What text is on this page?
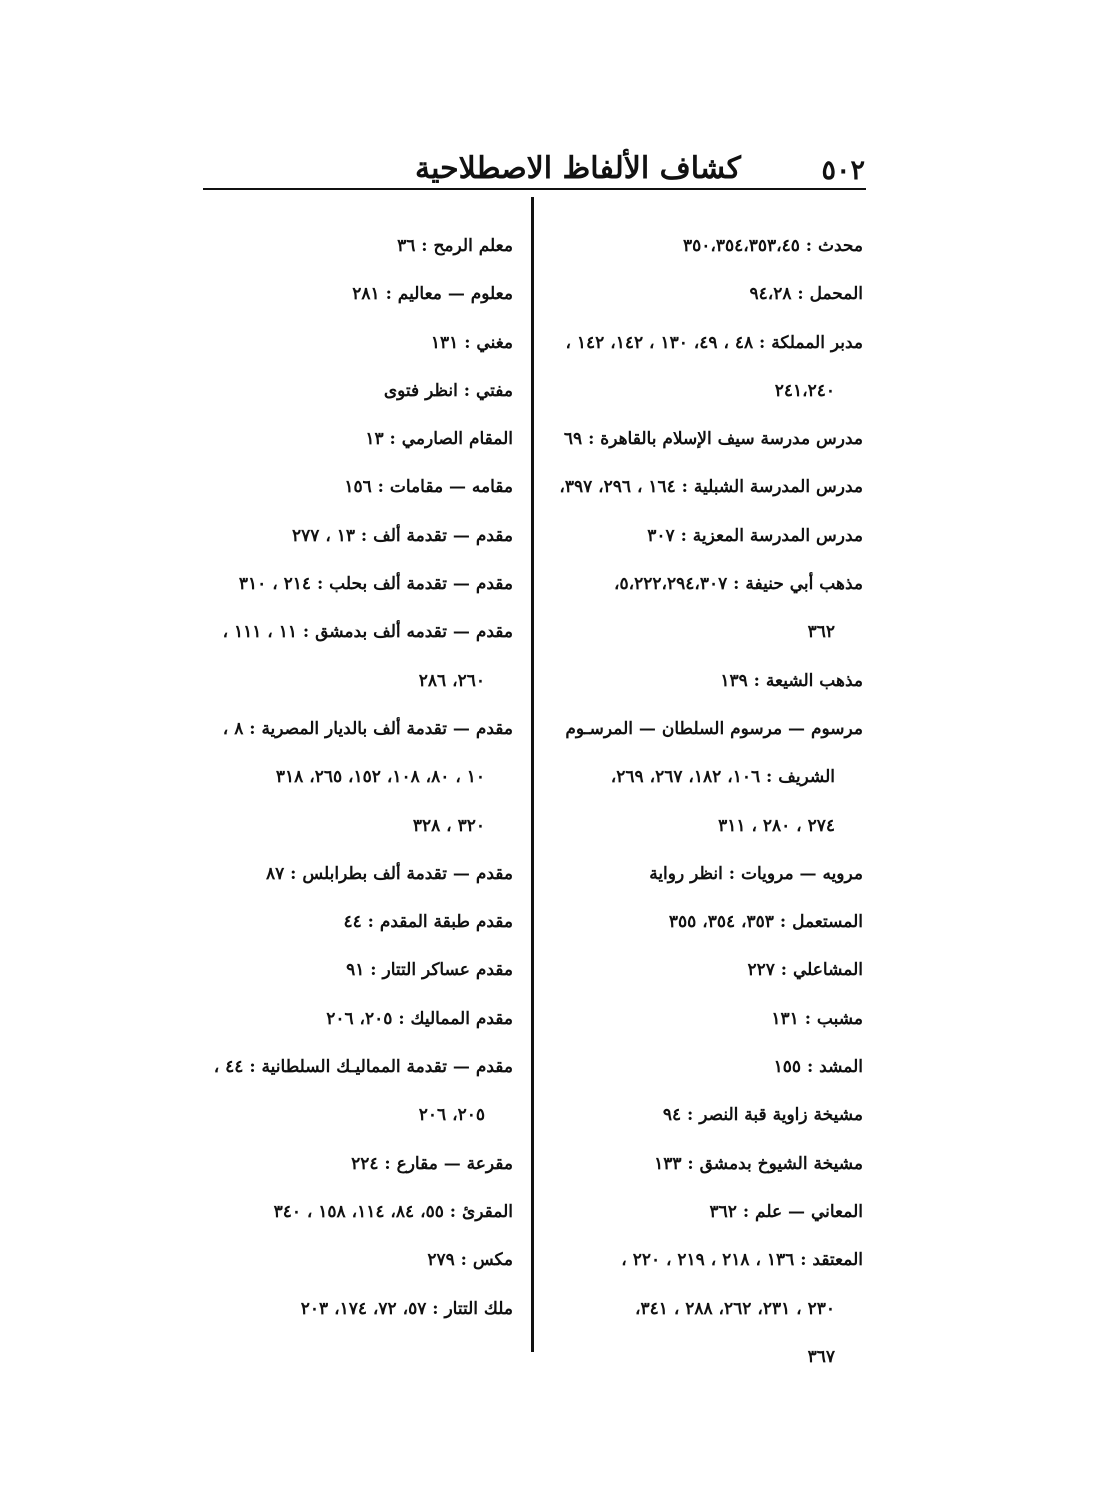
٥٠٢
كشاف الألفاظ الاصطلاحية
محدث : ٣٥٠،٣٥٤،٣٥٣،٤٥
المحمل : ٩٤،٢٨
مدبر المملكة : ٤٨ ، ٤٩، ١٣٠ ، ١٤٢، ١٤٢ ،
٢٤١،٢٤٠
مدرس مدرسة سيف الإسلام بالقاهرة : ٦٩
مدرس المدرسة الشبلية : ١٦٤ ، ٢٩٦، ٣٩٧،
مدرس المدرسة المعزية : ٣٠٧
مذهب أبي حنيفة : ٥،٢٢٢،٢٩٤،٣٠٧،
٣٦٢
مذهب الشيعة : ١٣٩
مرسوم — مرسوم السلطان — المرسـوم
الشريف : ١٠٦، ١٨٢، ٢٦٧، ٢٦٩،
٢٧٤ ، ٢٨٠ ، ٣١١
مرويه — مرويات : انظر رواية
المستعمل : ٣٥٣، ٣٥٤، ٣٥٥
المشاعلي : ٢٢٧
مشبب : ١٣١
المشد : ١٥٥
مشيخة زاوية قبة النصر : ٩٤
مشيخة الشيوخ بدمشق : ١٣٣
المعاني — علم : ٣٦٢
المعتقد : ١٣٦ ، ٢١٨ ، ٢١٩ ، ٢٢٠ ،
٢٣٠ ، ٢٣١، ٢٦٢، ٢٨٨ ، ٣٤١،
٣٦٧
معلم الرمح : ٣٦
معلوم — معاليم : ٢٨١
مغني : ١٣١
مفتي : انظر فتوى
المقام الصارمي : ١٣
مقامه — مقامات : ١٥٦
مقدم — تقدمة ألف : ١٣ ، ٢٧٧
مقدم — تقدمة ألف بحلب : ٢١٤ ، ٣١٠
مقدم — تقدمه ألف بدمشق : ١١ ، ١١١ ،
٢٦٠، ٢٨٦
مقدم — تقدمة ألف بالديار المصرية : ٨ ،
١٠ ، ٨٠، ١٠٨، ١٥٢، ٢٦٥، ٣١٨
٣٢٠ ، ٣٢٨
مقدم — تقدمة ألف بطرابلس : ٨٧
مقدم طبقة المقدم : ٤٤
مقدم عساكر التتار : ٩١
مقدم المماليك : ٢٠٥، ٢٠٦
مقدم — تقدمة المماليـك السلطانية : ٤٤ ،
٢٠٥، ٢٠٦
مقرعة — مقارع : ٢٢٤
المقرئ : ٥٥، ٨٤، ١١٤، ١٥٨ ، ٣٤٠
مكس : ٢٧٩
ملك التتار : ٥٧، ٧٢، ١٧٤، ٢٠٣
